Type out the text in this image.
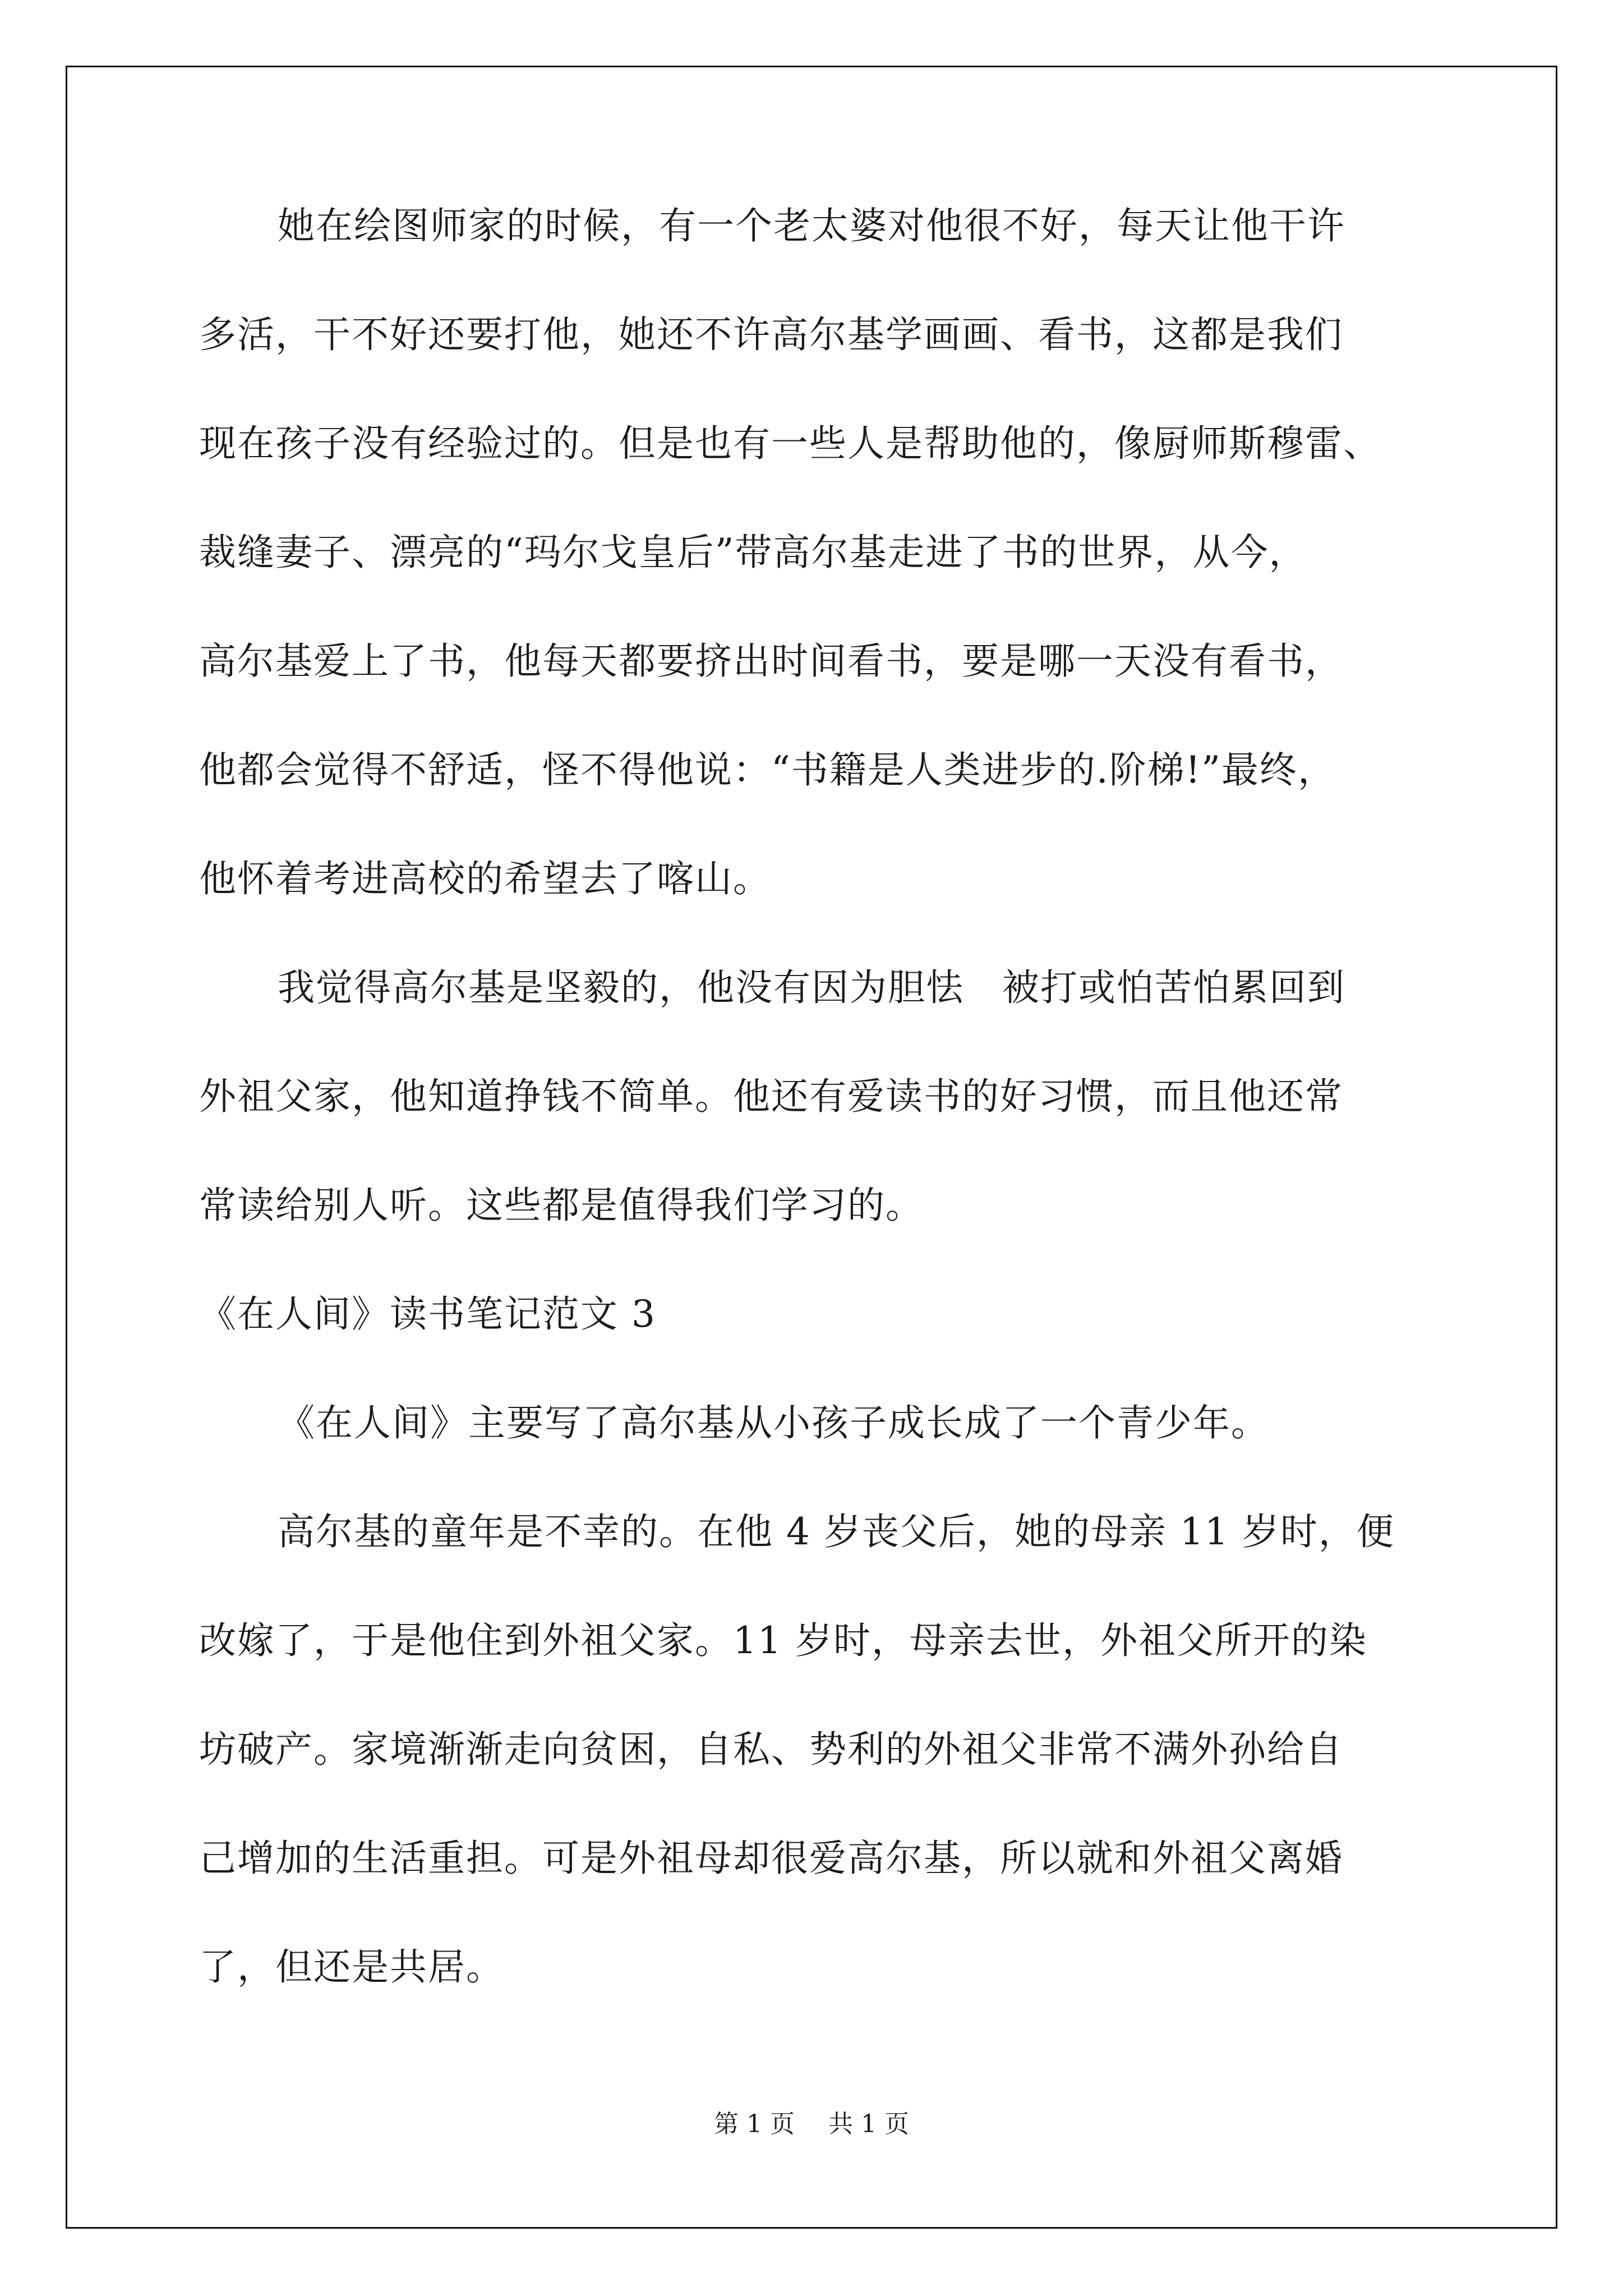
她在绘图师家的时候，有一个老太婆对他很不好，每天让他干许
多活，干不好还要打他，她还不许高尔基学画画、看书，这都是我们
现在孩子没有经验过的。但是也有一些人是帮助他的，像厨师斯穆雷、
裁缝妻子、漂亮的“玛尔戈皇后”带高尔基走进了书的世界，从今，
高尔基爱上了书，他每天都要挤出时间看书，要是哪一天没有看书，
他都会觉得不舒适，怪不得他说：“书籍是人类进步的.阶梯!”最终，
他怀着考进高校的希望去了喀山。
我觉得高尔基是坚毅的，他没有因为胆怯　被打或怕苦怕累回到
外祖父家，他知道挣钱不简单。他还有爱读书的好习惯，而且他还常
常读给别人听。这些都是值得我们学习的。
《在人间》读书笔记范文 3
《在人间》主要写了高尔基从小孩子成长成了一个青少年。
高尔基的童年是不幸的。在他 4 岁丧父后，她的母亲 11 岁时，便
改嫁了，于是他住到外祖父家。11 岁时，母亲去世，外祖父所开的染
坊破产。家境渐渐走向贫困，自私、势利的外祖父非常不满外孙给自
己增加的生活重担。可是外祖母却很爱高尔基，所以就和外祖父离婚
了，但还是共居。
第 1 页 共 1 页
